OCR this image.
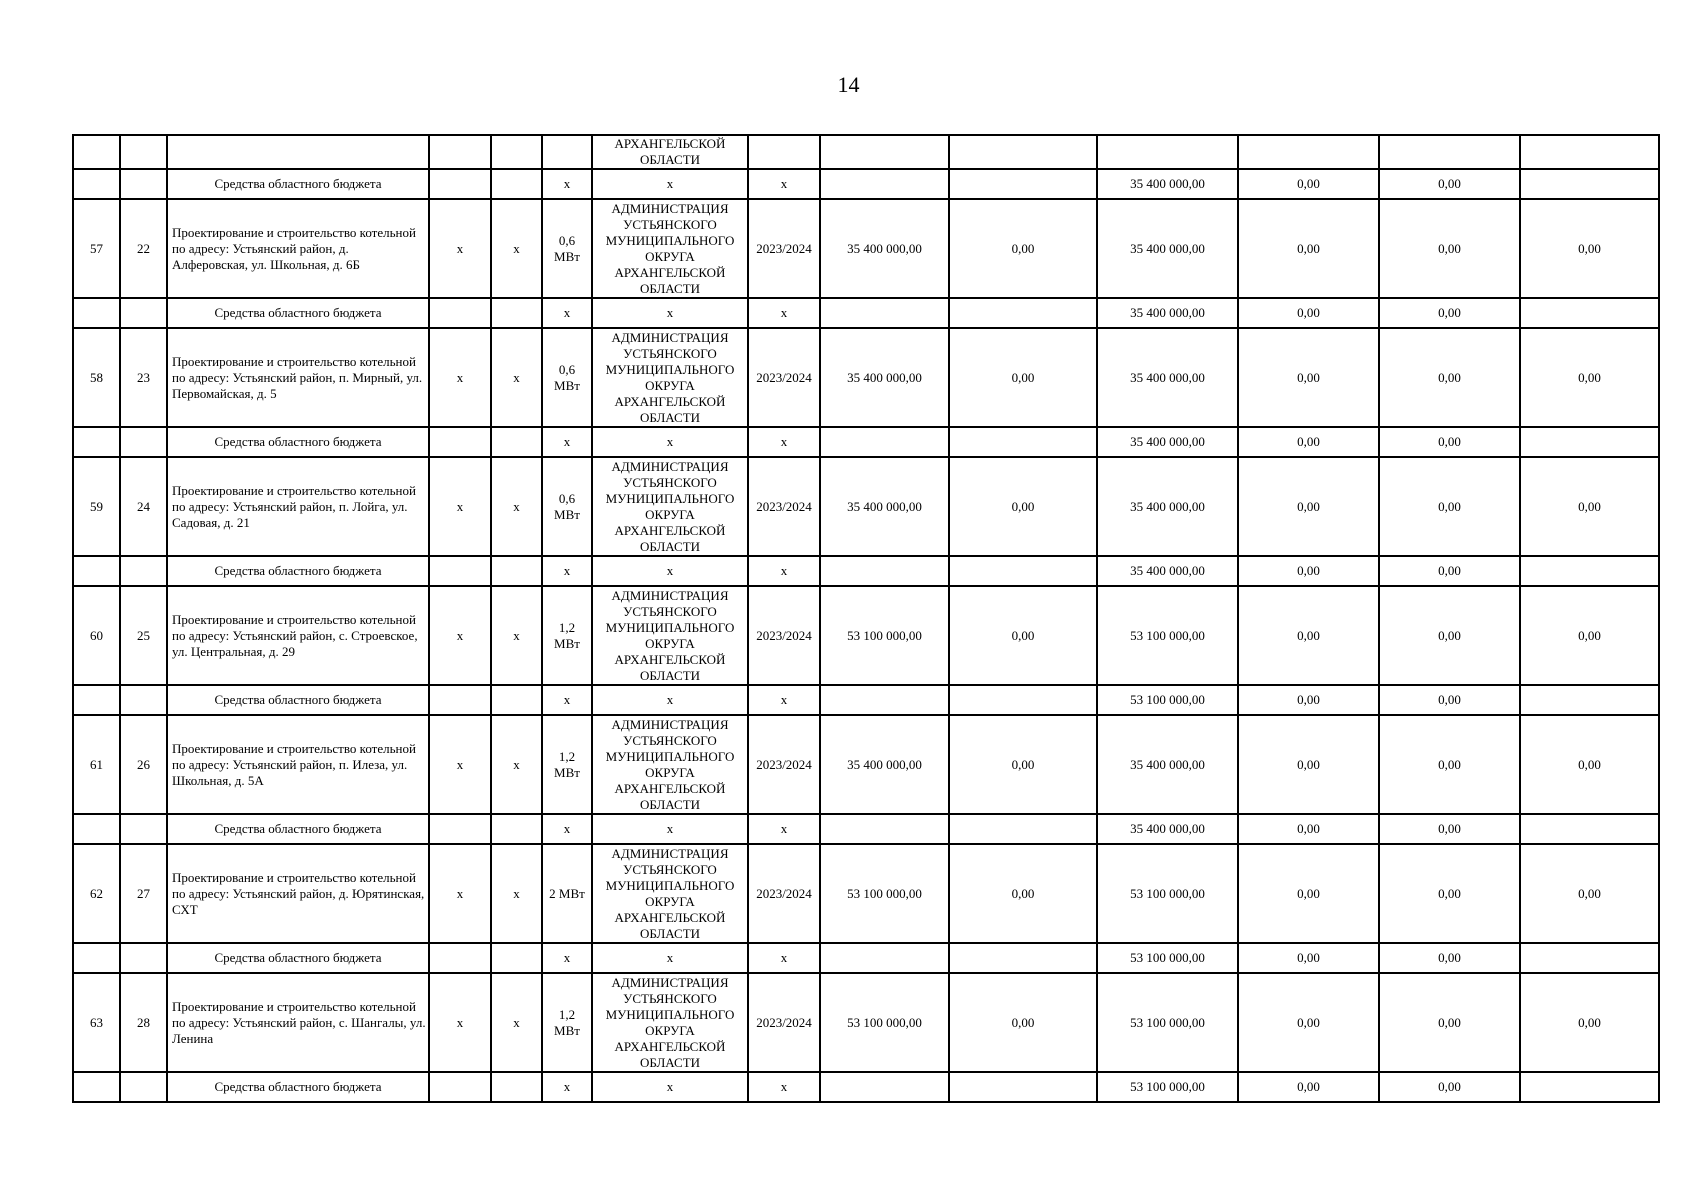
14
						АРХАНГЕЛЬСКОЙ ОБЛАСТИ							
		Средства областного бюджета			х	х	х			35 400 000,00	0,00	0,00	
57	22	Проектирование и строительство котельной по адресу: Устьянский район, д. Алферовская, ул. Школьная, д. 6Б	х	х	0,6 МВт	АДМИНИСТРАЦИЯ УСТЬЯНСКОГО МУНИЦИПАЛЬНОГО ОКРУГА АРХАНГЕЛЬСКОЙ ОБЛАСТИ	2023/2024	35 400 000,00	0,00	35 400 000,00	0,00	0,00	0,00
		Средства областного бюджета			х	х	х			35 400 000,00	0,00	0,00	
58	23	Проектирование и строительство котельной по адресу: Устьянский район, п. Мирный, ул. Первомайская, д. 5	х	х	0,6 МВт	АДМИНИСТРАЦИЯ УСТЬЯНСКОГО МУНИЦИПАЛЬНОГО ОКРУГА АРХАНГЕЛЬСКОЙ ОБЛАСТИ	2023/2024	35 400 000,00	0,00	35 400 000,00	0,00	0,00	0,00
		Средства областного бюджета			х	х	х			35 400 000,00	0,00	0,00	
59	24	Проектирование и строительство котельной по адресу: Устьянский район, п. Лойга, ул. Садовая, д. 21	х	х	0,6 МВт	АДМИНИСТРАЦИЯ УСТЬЯНСКОГО МУНИЦИПАЛЬНОГО ОКРУГА АРХАНГЕЛЬСКОЙ ОБЛАСТИ	2023/2024	35 400 000,00	0,00	35 400 000,00	0,00	0,00	0,00
		Средства областного бюджета			х	х	х			35 400 000,00	0,00	0,00	
60	25	Проектирование и строительство котельной по адресу: Устьянский район, с. Строевское, ул. Центральная, д. 29	х	х	1,2 МВт	АДМИНИСТРАЦИЯ УСТЬЯНСКОГО МУНИЦИПАЛЬНОГО ОКРУГА АРХАНГЕЛЬСКОЙ ОБЛАСТИ	2023/2024	53 100 000,00	0,00	53 100 000,00	0,00	0,00	0,00
		Средства областного бюджета			х	х	х			53 100 000,00	0,00	0,00	
61	26	Проектирование и строительство котельной по адресу: Устьянский район, п. Илеза, ул. Школьная, д. 5А	х	х	1,2 МВт	АДМИНИСТРАЦИЯ УСТЬЯНСКОГО МУНИЦИПАЛЬНОГО ОКРУГА АРХАНГЕЛЬСКОЙ ОБЛАСТИ	2023/2024	35 400 000,00	0,00	35 400 000,00	0,00	0,00	0,00
		Средства областного бюджета			х	х	х			35 400 000,00	0,00	0,00	
62	27	Проектирование и строительство котельной по адресу: Устьянский район, д. Юрятинская, СХТ	х	х	2 МВт	АДМИНИСТРАЦИЯ УСТЬЯНСКОГО МУНИЦИПАЛЬНОГО ОКРУГА АРХАНГЕЛЬСКОЙ ОБЛАСТИ	2023/2024	53 100 000,00	0,00	53 100 000,00	0,00	0,00	0,00
		Средства областного бюджета			х	х	х			53 100 000,00	0,00	0,00	
63	28	Проектирование и строительство котельной по адресу: Устьянский район, с. Шангалы, ул. Ленина	х	х	1,2 МВт	АДМИНИСТРАЦИЯ УСТЬЯНСКОГО МУНИЦИПАЛЬНОГО ОКРУГА АРХАНГЕЛЬСКОЙ ОБЛАСТИ	2023/2024	53 100 000,00	0,00	53 100 000,00	0,00	0,00	0,00
		Средства областного бюджета			х	х	х			53 100 000,00	0,00	0,00	
